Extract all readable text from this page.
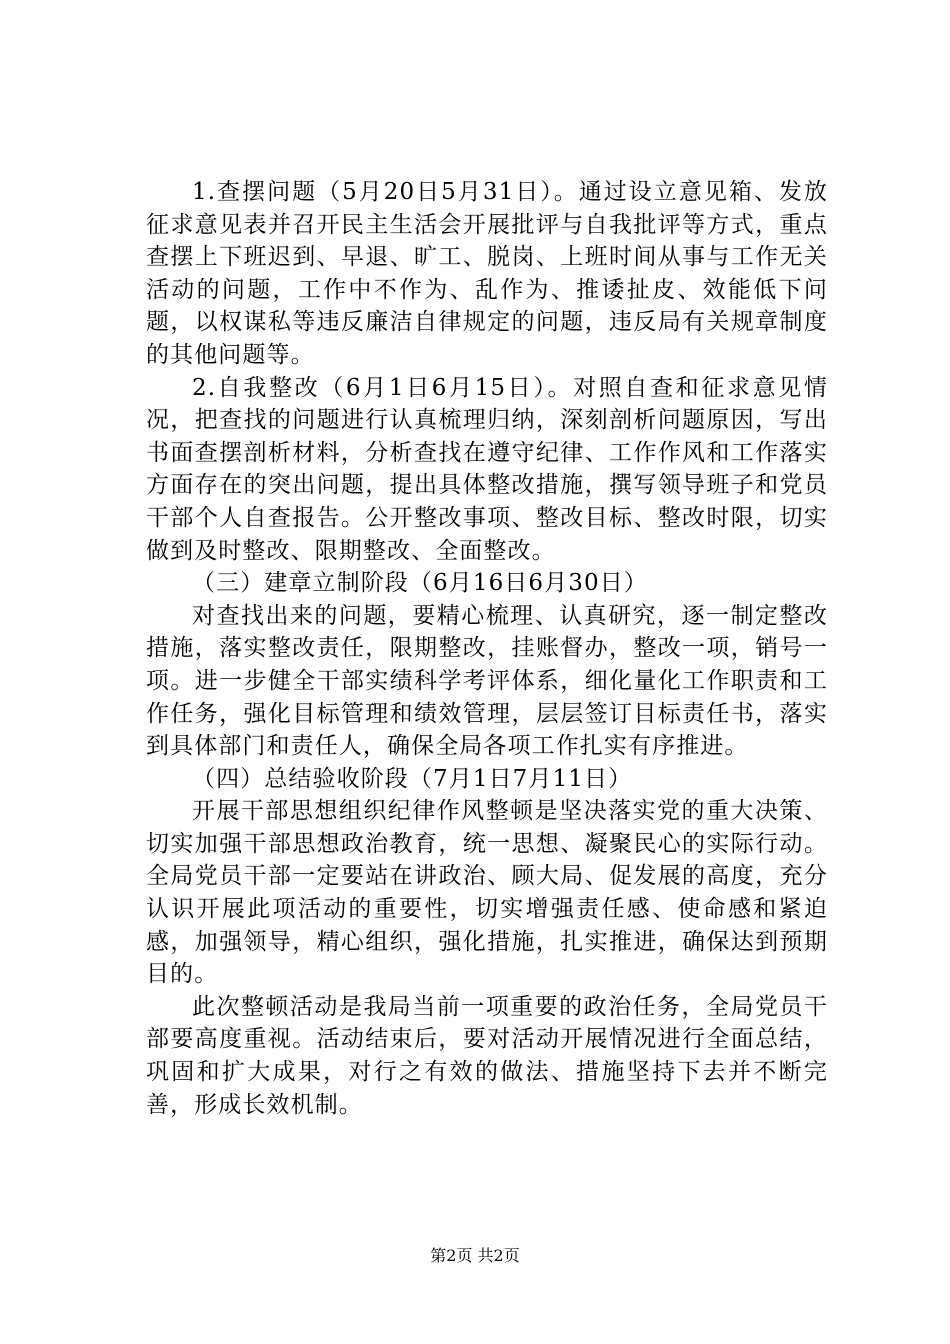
1.查摆问题（5月20日5月31日）。通过设立意见箱、发放征求意见表并召开民主生活会开展批评与自我批评等方式，重点查摆上下班迟到、早退、旷工、脱岗、上班时间从事与工作无关活动的问题，工作中不作为、乱作为、推诿扯皮、效能低下问题，以权谋私等违反廉洁自律规定的问题，违反局有关规章制度的其他问题等。

2.自我整改（6月1日6月15日）。对照自查和征求意见情况，把查找的问题进行认真梳理归纳，深刻剖析问题原因，写出书面查摆剖析材料，分析查找在遵守纪律、工作作风和工作落实方面存在的突出问题，提出具体整改措施，撰写领导班子和党员干部个人自查报告。公开整改事项、整改目标、整改时限，切实做到及时整改、限期整改、全面整改。

（三）建章立制阶段（6月16日6月30日）

对查找出来的问题，要精心梳理、认真研究，逐一制定整改措施，落实整改责任，限期整改，挂账督办，整改一项，销号一项。进一步健全干部实绩科学考评体系，细化量化工作职责和工作任务，强化目标管理和绩效管理，层层签订目标责任书，落实到具体部门和责任人，确保全局各项工作扎实有序推进。

（四）总结验收阶段（7月1日7月11日）

开展干部思想组织纪律作风整顿是坚决落实党的重大决策、切实加强干部思想政治教育，统一思想、凝聚民心的实际行动。全局党员干部一定要站在讲政治、顾大局、促发展的高度，充分认识开展此项活动的重要性，切实增强责任感、使命感和紧迫感，加强领导，精心组织，强化措施，扎实推进，确保达到预期目的。

此次整顿活动是我局当前一项重要的政治任务，全局党员干部要高度重视。活动结束后，要对活动开展情况进行全面总结，巩固和扩大成果，对行之有效的做法、措施坚持下去并不断完善，形成长效机制。

第2页 共2页
